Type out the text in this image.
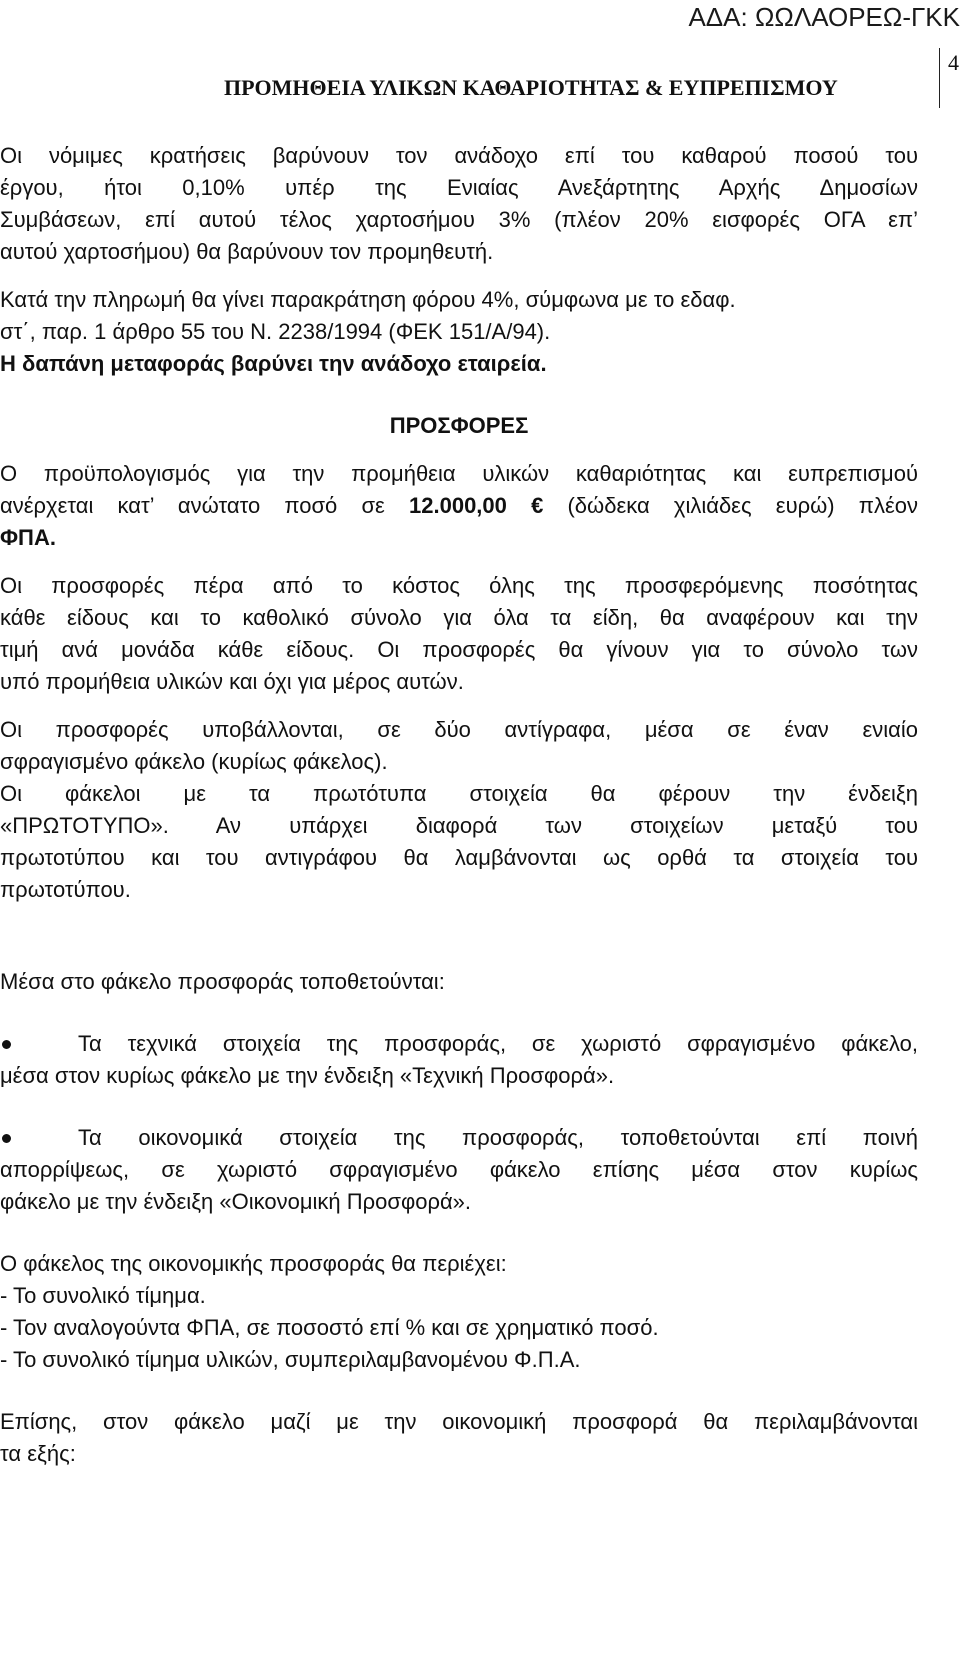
ΑΔΑ: ΩΩΛΑΟΡΕΩ-ΓΚΚ
ΠΡΟΜΗΘΕΙΑ ΥΛΙΚΩΝ ΚΑΘΑΡΙΟΤΗΤΑΣ & ΕΥΠΡΕΠΙΣΜΟΥ
4

Οι νόμιμες κρατήσεις βαρύνουν τον ανάδοχο επί του καθαρού ποσού του

έργου, ήτοι 0,10% υπέρ της Ενιαίας Ανεξάρτητης Αρχής Δημοσίων

Συμβάσεων, επί αυτού τέλος χαρτοσήμου 3% (πλέον 20% εισφορές ΟΓΑ επ’

αυτού χαρτοσήμου) θα βαρύνουν τον προμηθευτή.

Κατά την πληρωμή θα γίνει παρακράτηση φόρου 4%, σύμφωνα με το εδαφ.

στ΄, παρ. 1 άρθρο 55 του Ν. 2238/1994 (ΦΕΚ 151/Α/94).

Η δαπάνη μεταφοράς βαρύνει την ανάδοχο εταιρεία.

ΠΡΟΣΦΟΡΕΣ

Ο προϋπολογισμός για την προμήθεια υλικών καθαριότητας και ευπρεπισμού

ανέρχεται κατ’ ανώτατο ποσό σε 12.000,00 € (δώδεκα χιλιάδες ευρώ) πλέον

ΦΠΑ.

Οι προσφορές πέρα από το κόστος όλης της προσφερόμενης ποσότητας

κάθε είδους και το καθολικό σύνολο για όλα τα είδη, θα αναφέρουν και την

τιμή ανά μονάδα κάθε είδους. Οι προσφορές θα γίνουν για το σύνολο των

υπό προμήθεια υλικών και όχι για μέρος αυτών.

Οι προσφορές υποβάλλονται, σε δύο αντίγραφα, μέσα σε έναν ενιαίο

σφραγισμένο φάκελο (κυρίως φάκελος).

Οι φάκελοι με τα πρωτότυπα στοιχεία θα φέρουν την ένδειξη

«ΠΡΩΤΟΤΥΠΟ». Αν υπάρχει διαφορά των στοιχείων μεταξύ του

πρωτοτύπου και του αντιγράφου θα λαμβάνονται ως ορθά τα στοιχεία του

πρωτοτύπου.

Μέσα στο φάκελο προσφοράς τοποθετούνται:

Τα τεχνικά στοιχεία της προσφοράς, σε χωριστό σφραγισμένο φάκελο,

μέσα στον κυρίως φάκελο με την ένδειξη «Τεχνική Προσφορά».

Τα οικονομικά στοιχεία της προσφοράς, τοποθετούνται επί ποινή

απορρίψεως, σε χωριστό σφραγισμένο φάκελο επίσης μέσα στον κυρίως

φάκελο με την ένδειξη «Οικονομική Προσφορά».

Ο φάκελος της οικονομικής προσφοράς θα περιέχει:

- Το συνολικό τίμημα.

- Τον αναλογούντα ΦΠΑ, σε ποσοστό επί % και σε χρηματικό ποσό.

- Το συνολικό τίμημα υλικών, συμπεριλαμβανομένου Φ.Π.Α.

Επίσης, στον φάκελο μαζί με την οικονομική προσφορά θα περιλαμβάνονται

τα εξής:
